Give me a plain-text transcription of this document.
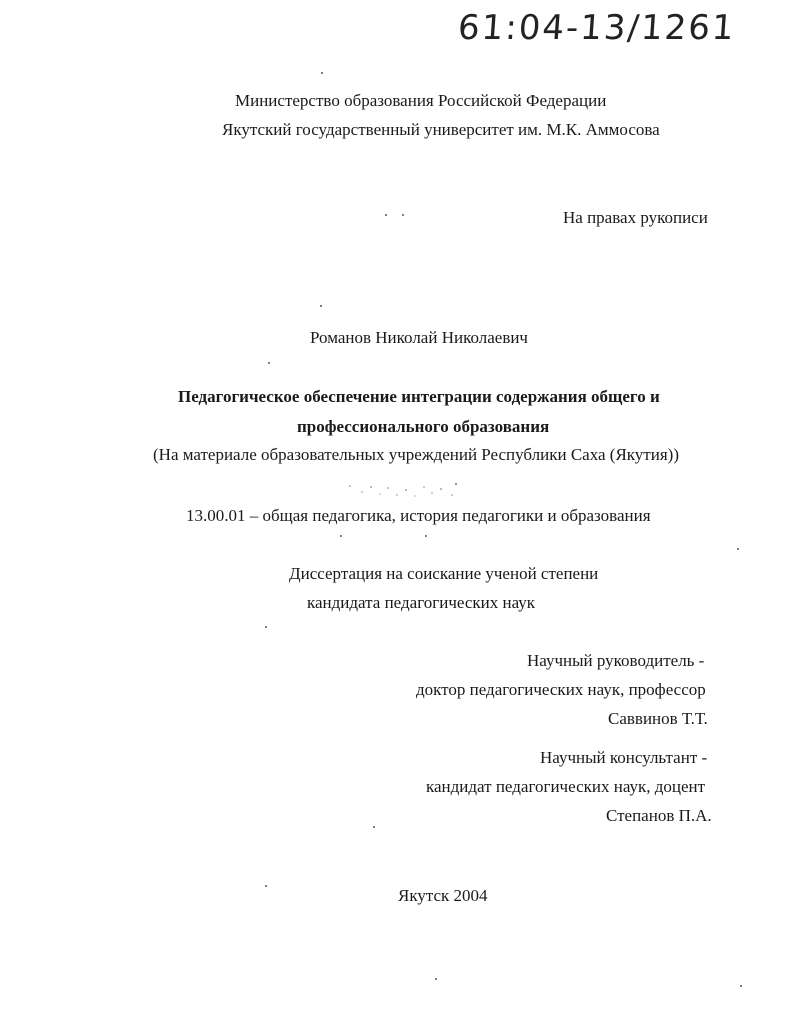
61:04-13/1261
Министерство образования Российской Федерации
Якутский государственный университет им. М.К. Аммосова
На правах рукописи
Романов Николай Николаевич
Педагогическое обеспечение интеграции содержания общего и
профессионального образования
(На материале образовательных учреждений Республики Саха (Якутия))
13.00.01 – общая педагогика, история педагогики и образования
Диссертация на соискание ученой степени
кандидата педагогических наук
Научный руководитель -
доктор педагогических наук, профессор
Саввинов Т.Т.
Научный консультант -
кандидат педагогических наук, доцент
Степанов П.А.
Якутск 2004
